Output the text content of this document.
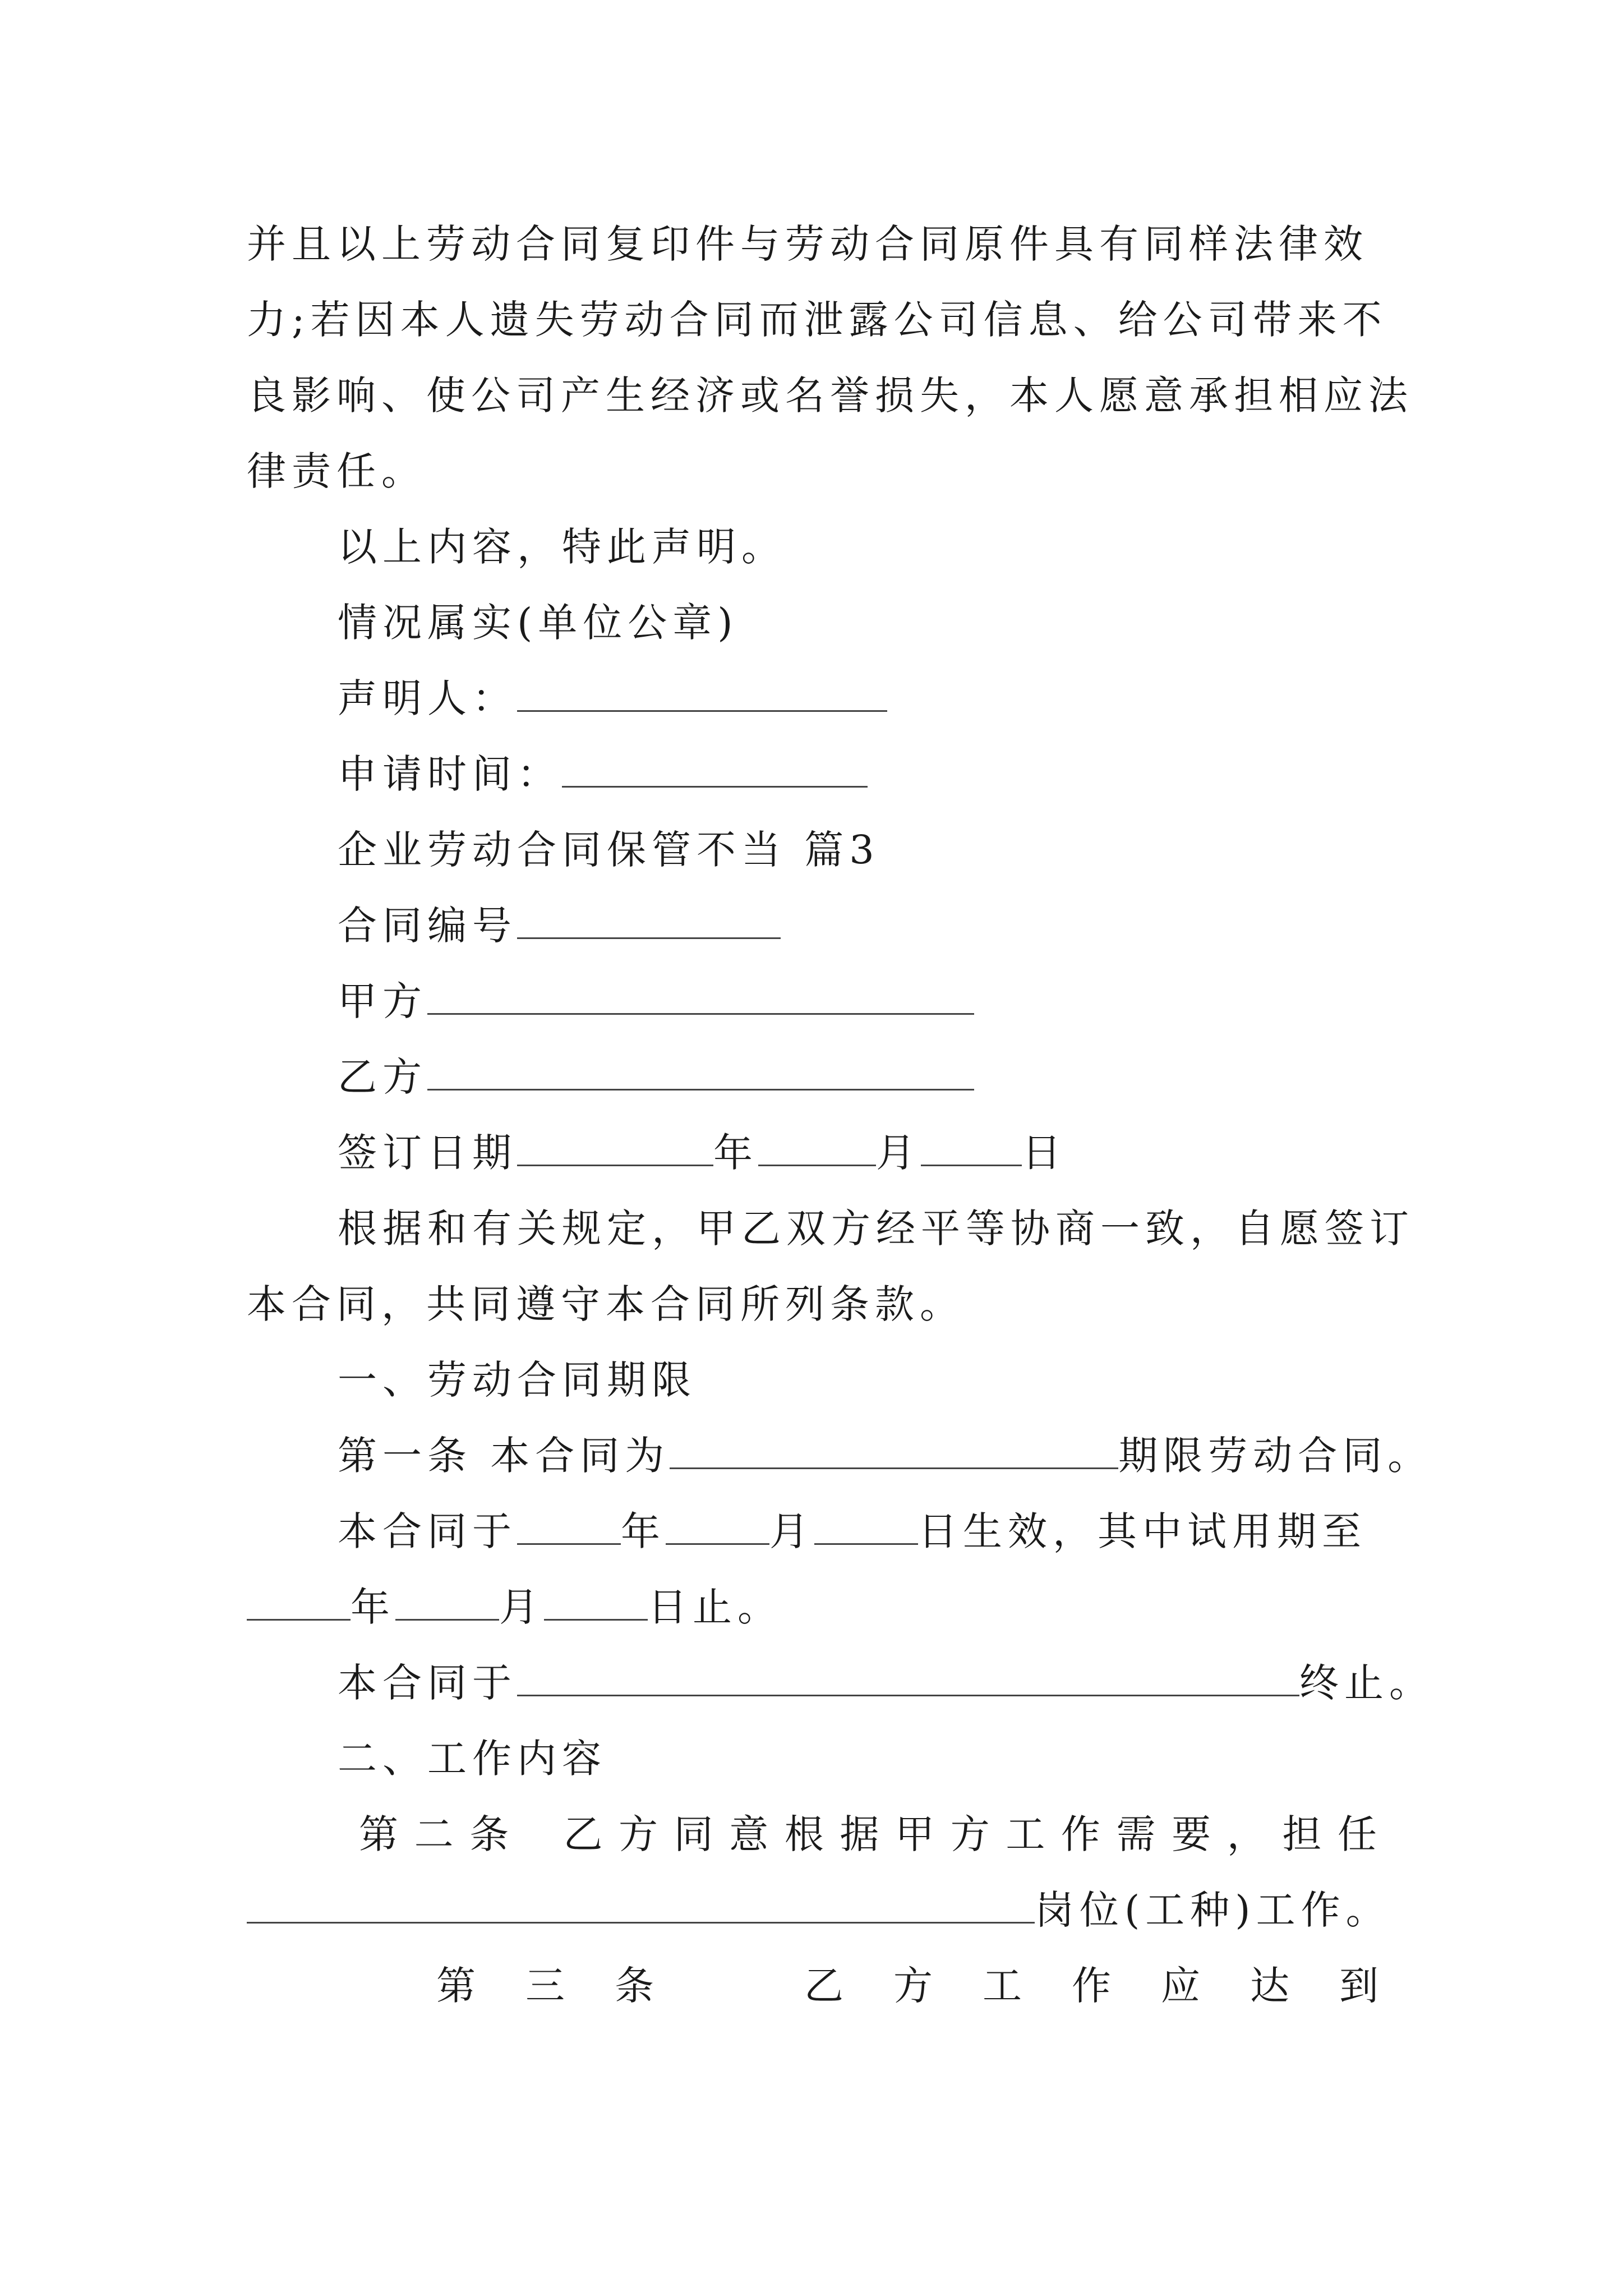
并且以上劳动合同复印件与劳动合同原件具有同样法律效
力;若因本人遗失劳动合同而泄露公司信息、给公司带来不
良影响、使公司产生经济或名誉损失，本人愿意承担相应法
律责任。
以上内容，特此声明。
情况属实(单位公章)
声明人：
申请时间：
企业劳动合同保管不当 篇3
合同编号
甲方
乙方
签订日期	年	月	日
根据和有关规定，甲乙双方经平等协商一致，自愿签订
本合同，共同遵守本合同所列条款。
一、劳动合同期限
第一条 本合同为	期限劳动合同。
本合同于	年	月	日生效，其中试用期至
年	月	日止。
本合同于	终止。
二、工作内容
第 二 条 乙 方 同 意 根 据 甲 方 工 作 需 要 ， 担 任
岗位(工种)工作。
第 三 条	乙 方 工 作 应 达 到
